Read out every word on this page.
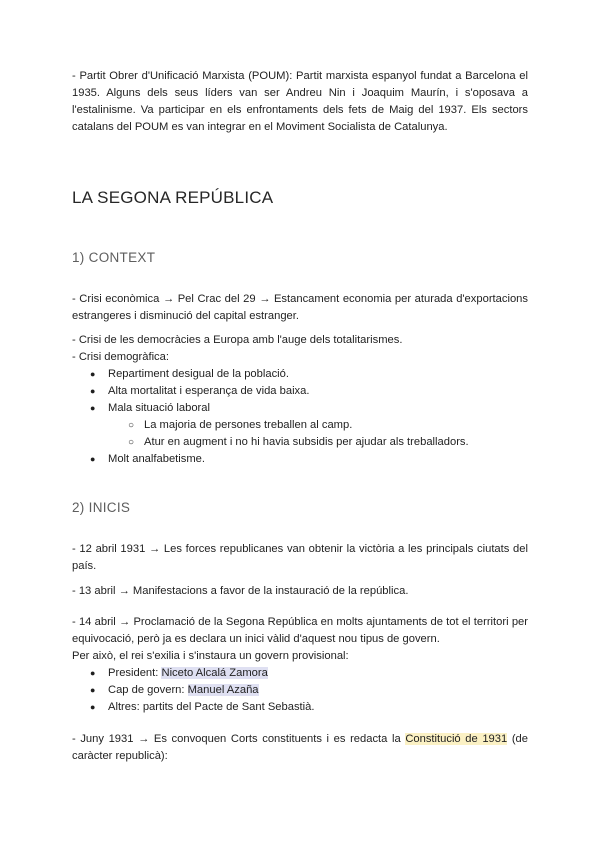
- Partit Obrer d'Unificació Marxista (POUM): Partit marxista espanyol fundat a Barcelona el 1935. Alguns dels seus líders van ser Andreu Nin i Joaquim Maurín, i s'oposava a l'estalinisme. Va participar en els enfrontaments dels fets de Maig del 1937. Els sectors catalans del POUM es van integrar en el Moviment Socialista de Catalunya.

LA SEGONA REPÚBLICA
1) CONTEXT

- Crisi econòmica → Pel Crac del 29 → Estancament economia per aturada d'exportacions estrangeres i disminució del capital estranger.

- Crisi de les democràcies a Europa amb l'auge dels totalitarismes.

- Crisi demogràfica:

● Repartiment desigual de la població.
● Alta mortalitat i esperança de vida baixa.
● Mala situació laboral
○ La majoria de persones treballen al camp.
○ Atur en augment i no hi havia subsidis per ajudar als treballadors.
● Molt analfabetisme.
2) INICIS

- 12 abril 1931 → Les forces republicanes van obtenir la victòria a les principals ciutats del país.

- 13 abril → Manifestacions a favor de la instauració de la república.

- 14 abril → Proclamació de la Segona República en molts ajuntaments de tot el territori per equivocació, però ja es declara un inici vàlid d'aquest nou tipus de govern.

Per això, el rei s'exilia i s'instaura un govern provisional:

● President: Niceto Alcalá Zamora
● Cap de govern: Manuel Azaña
● Altres: partits del Pacte de Sant Sebastià.

- Juny 1931 → Es convoquen Corts constituents i es redacta la Constitució de 1931 (de caràcter republicà):
